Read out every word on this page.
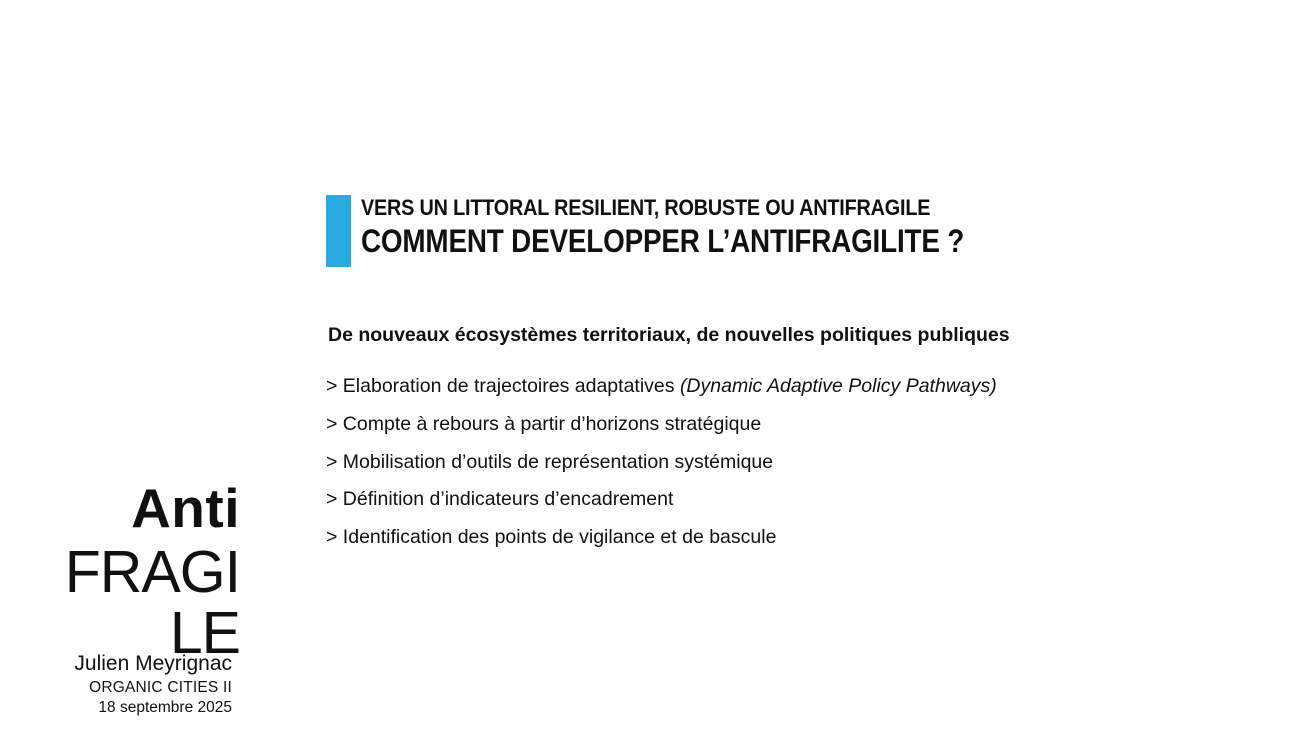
VERS UN LITTORAL RESILIENT, ROBUSTE OU ANTIFRAGILE
COMMENT DEVELOPPER L’ANTIFRAGILITE ?
De nouveaux écosystèmes territoriaux, de nouvelles politiques publiques
> Elaboration de trajectoires adaptatives (Dynamic Adaptive Policy Pathways)
> Compte à rebours à partir d’horizons stratégique
> Mobilisation d’outils de représentation systémique
> Définition d’indicateurs d’encadrement
> Identification des points de vigilance et de bascule
Anti
FRAGI
LE
Julien Meyrignac
ORGANIC CITIES II
18 septembre 2025
